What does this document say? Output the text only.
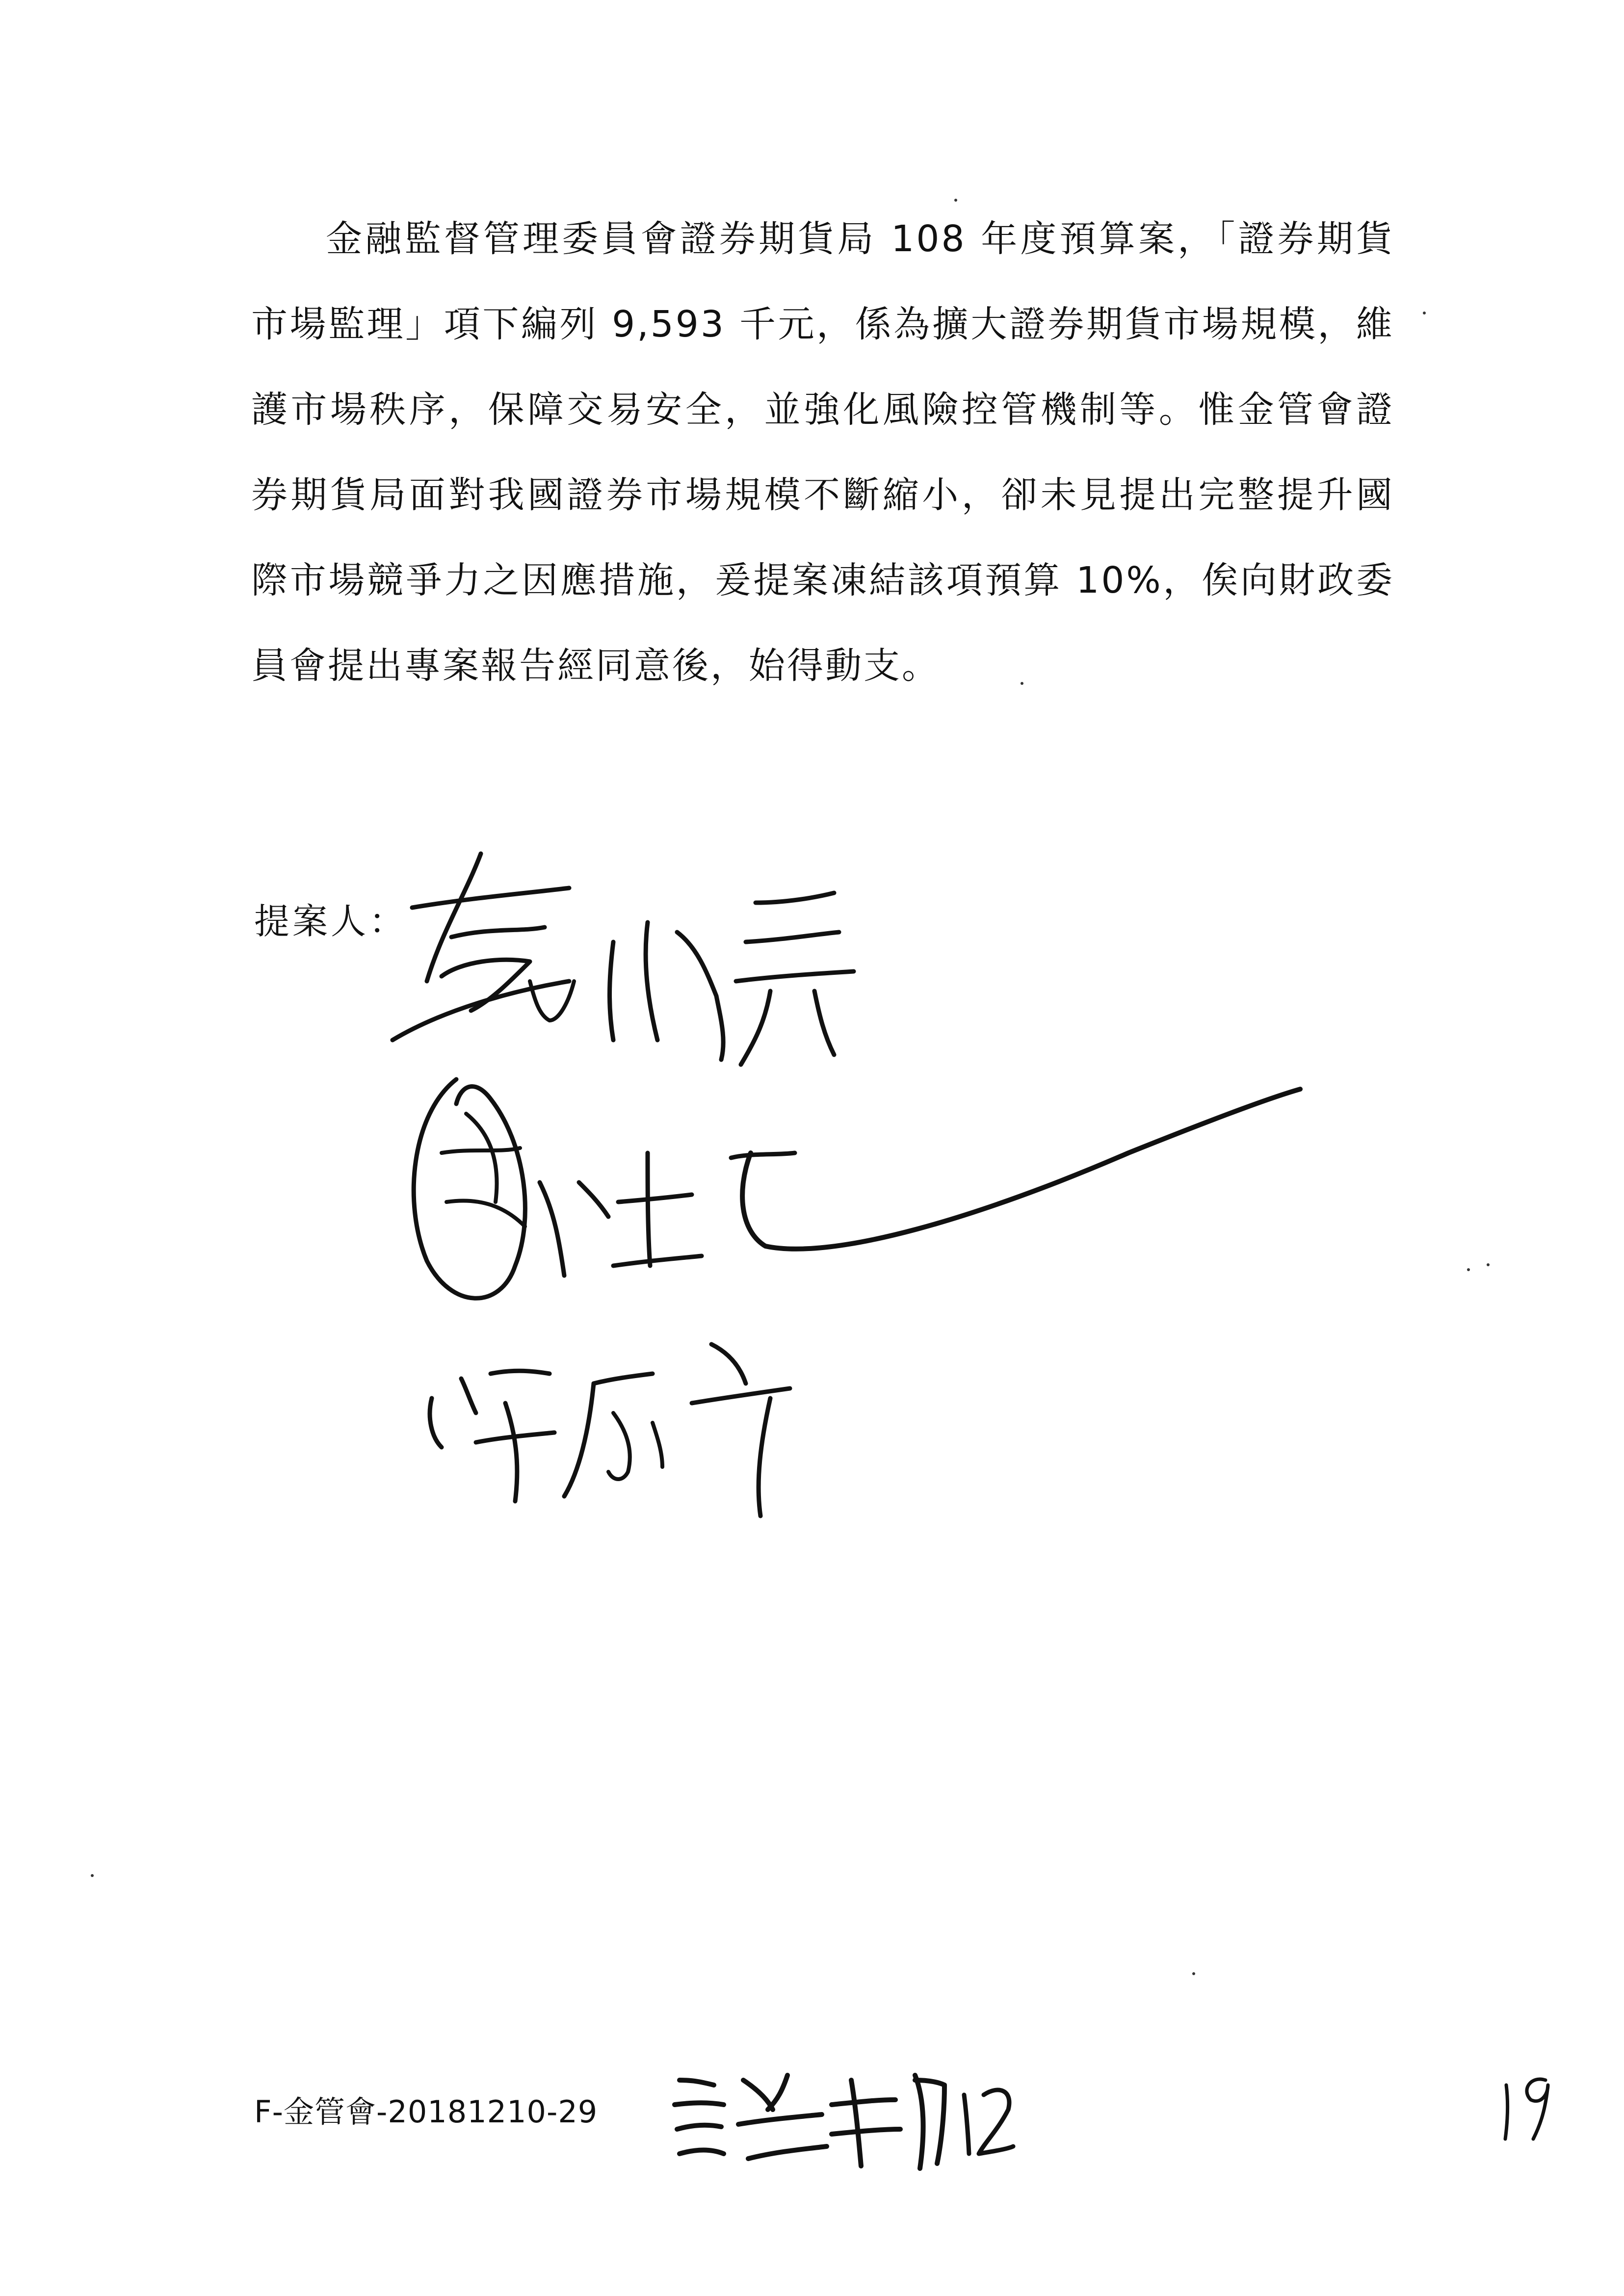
金融監督管理委員會證券期貨局 108 年度預算案，「證券期貨市場監理」項下編列 9,593 千元，係為擴大證券期貨市場規模，維護市場秩序，保障交易安全，並強化風險控管機制等。惟金管會證券期貨局面對我國證券市場規模不斷縮小，卻未見提出完整提升國際市場競爭力之因應措施，爰提案凍結該項預算 10%，俟向財政委員會提出專案報告經同意後，始得動支。

提案人：
F-金管會-20181210-29
